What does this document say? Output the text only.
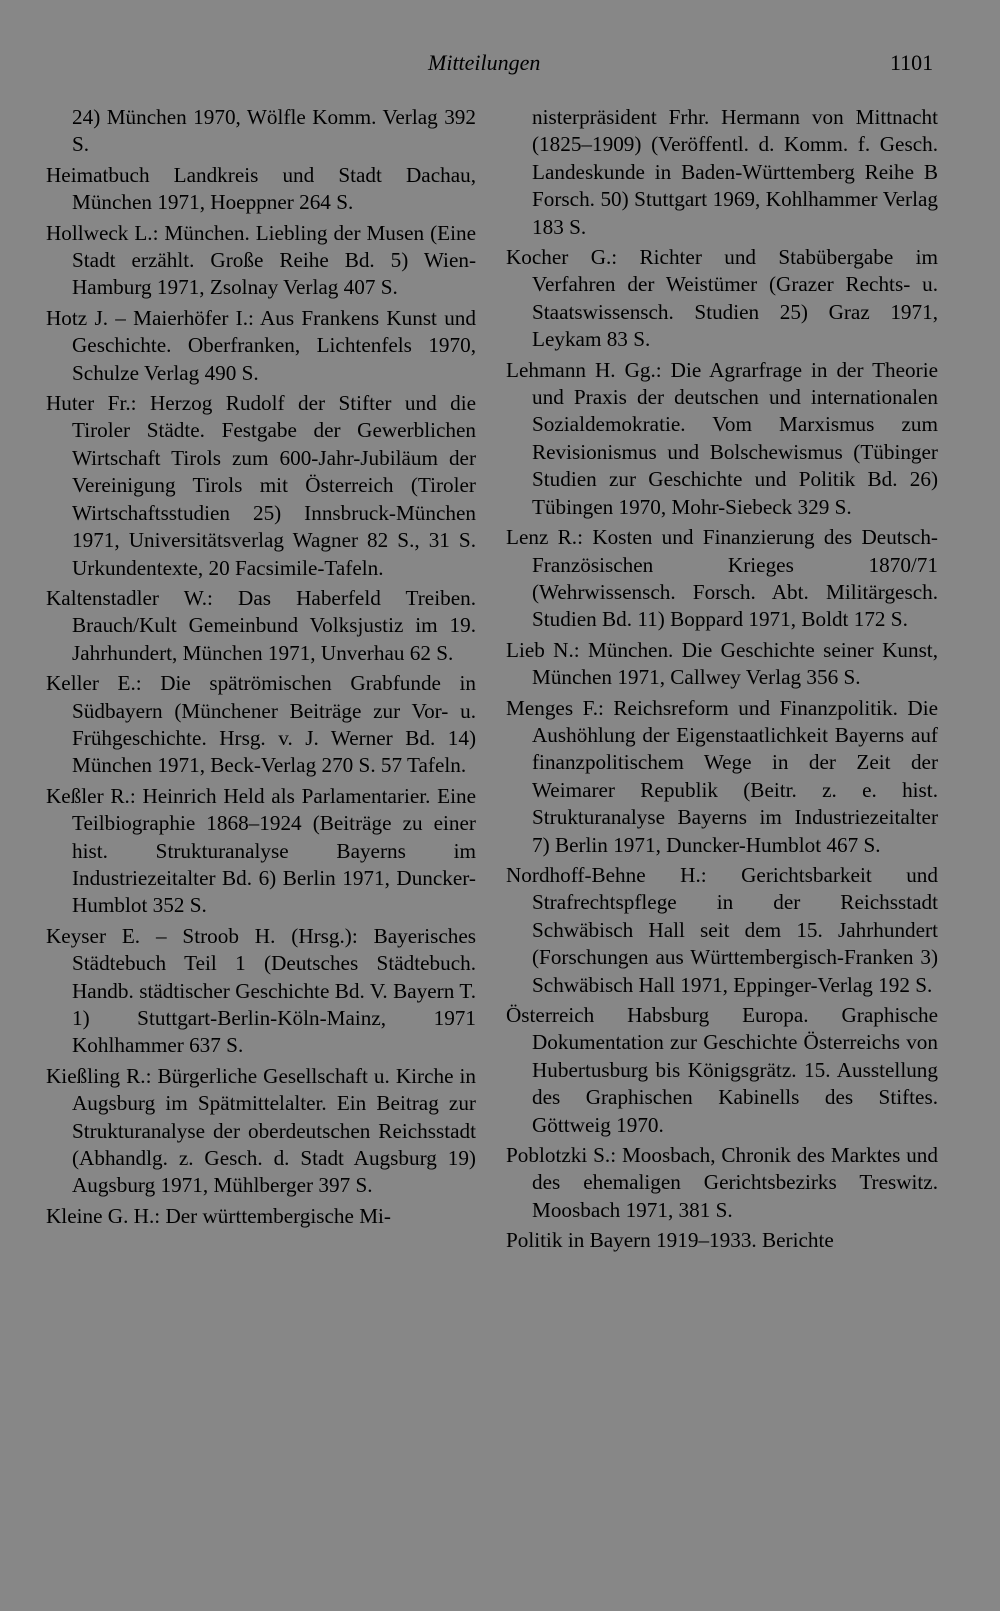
Mitteilungen	1101

24) München 1970, Wölfle Komm. Verlag 392 S.

Heimatbuch Landkreis und Stadt Dachau, München 1971, Hoeppner 264 S.

Hollweck L.: München. Liebling der Musen (Eine Stadt erzählt. Große Reihe Bd. 5) Wien-Hamburg 1971, Zsolnay Verlag 407 S.

Hotz J. – Maierhöfer I.: Aus Frankens Kunst und Geschichte. Oberfranken, Lichtenfels 1970, Schulze Verlag 490 S.

Huter Fr.: Herzog Rudolf der Stifter und die Tiroler Städte. Festgabe der Gewerblichen Wirtschaft Tirols zum 600-Jahr-Jubiläum der Vereinigung Tirols mit Österreich (Tiroler Wirtschaftsstudien 25) Innsbruck-München 1971, Universitätsverlag Wagner 82 S., 31 S. Urkundentexte, 20 Facsimile-Tafeln.

Kaltenstadler W.: Das Haberfeld Treiben. Brauch/Kult Gemeinbund Volksjustiz im 19. Jahrhundert, München 1971, Unverhau 62 S.

Keller E.: Die spätrömischen Grabfunde in Südbayern (Münchener Beiträge zur Vor- u. Frühgeschichte. Hrsg. v. J. Werner Bd. 14) München 1971, Beck-Verlag 270 S. 57 Tafeln.

Keßler R.: Heinrich Held als Parlamentarier. Eine Teilbiographie 1868–1924 (Beiträge zu einer hist. Strukturanalyse Bayerns im Industriezeitalter Bd. 6) Berlin 1971, Duncker-Humblot 352 S.

Keyser E. – Stroob H. (Hrsg.): Bayerisches Städtebuch Teil 1 (Deutsches Städtebuch. Handb. städtischer Geschichte Bd. V. Bayern T. 1) Stuttgart-Berlin-Köln-Mainz, 1971 Kohlhammer 637 S.

Kießling R.: Bürgerliche Gesellschaft u. Kirche in Augsburg im Spätmittelalter. Ein Beitrag zur Strukturanalyse der oberdeutschen Reichsstadt (Abhandlg. z. Gesch. d. Stadt Augsburg 19) Augsburg 1971, Mühlberger 397 S.

Kleine G. H.: Der württembergische Mi-

nisterpräsident Frhr. Hermann von Mittnacht (1825–1909) (Veröffentl. d. Komm. f. Gesch. Landeskunde in Baden-Württemberg Reihe B Forsch. 50) Stuttgart 1969, Kohlhammer Verlag 183 S.

Kocher G.: Richter und Stabübergabe im Verfahren der Weistümer (Grazer Rechts- u. Staatswissensch. Studien 25) Graz 1971, Leykam 83 S.

Lehmann H. Gg.: Die Agrarfrage in der Theorie und Praxis der deutschen und internationalen Sozialdemokratie. Vom Marxismus zum Revisionismus und Bolschewismus (Tübinger Studien zur Geschichte und Politik Bd. 26) Tübingen 1970, Mohr-Siebeck 329 S.

Lenz R.: Kosten und Finanzierung des Deutsch-Französischen Krieges 1870/71 (Wehrwissensch. Forsch. Abt. Militärgesch. Studien Bd. 11) Boppard 1971, Boldt 172 S.

Lieb N.: München. Die Geschichte seiner Kunst, München 1971, Callwey Verlag 356 S.

Menges F.: Reichsreform und Finanzpolitik. Die Aushöhlung der Eigenstaatlichkeit Bayerns auf finanzpolitischem Wege in der Zeit der Weimarer Republik (Beitr. z. e. hist. Strukturanalyse Bayerns im Industriezeitalter 7) Berlin 1971, Duncker-Humblot 467 S.

Nordhoff-Behne H.: Gerichtsbarkeit und Strafrechtspflege in der Reichsstadt Schwäbisch Hall seit dem 15. Jahrhundert (Forschungen aus Württembergisch-Franken 3) Schwäbisch Hall 1971, Eppinger-Verlag 192 S.

Österreich Habsburg Europa. Graphische Dokumentation zur Geschichte Österreichs von Hubertusburg bis Königsgrätz. 15. Ausstellung des Graphischen Kabinells des Stiftes. Göttweig 1970.

Poblotzki S.: Moosbach, Chronik des Marktes und des ehemaligen Gerichtsbezirks Treswitz. Moosbach 1971, 381 S.

Politik in Bayern 1919–1933. Berichte
